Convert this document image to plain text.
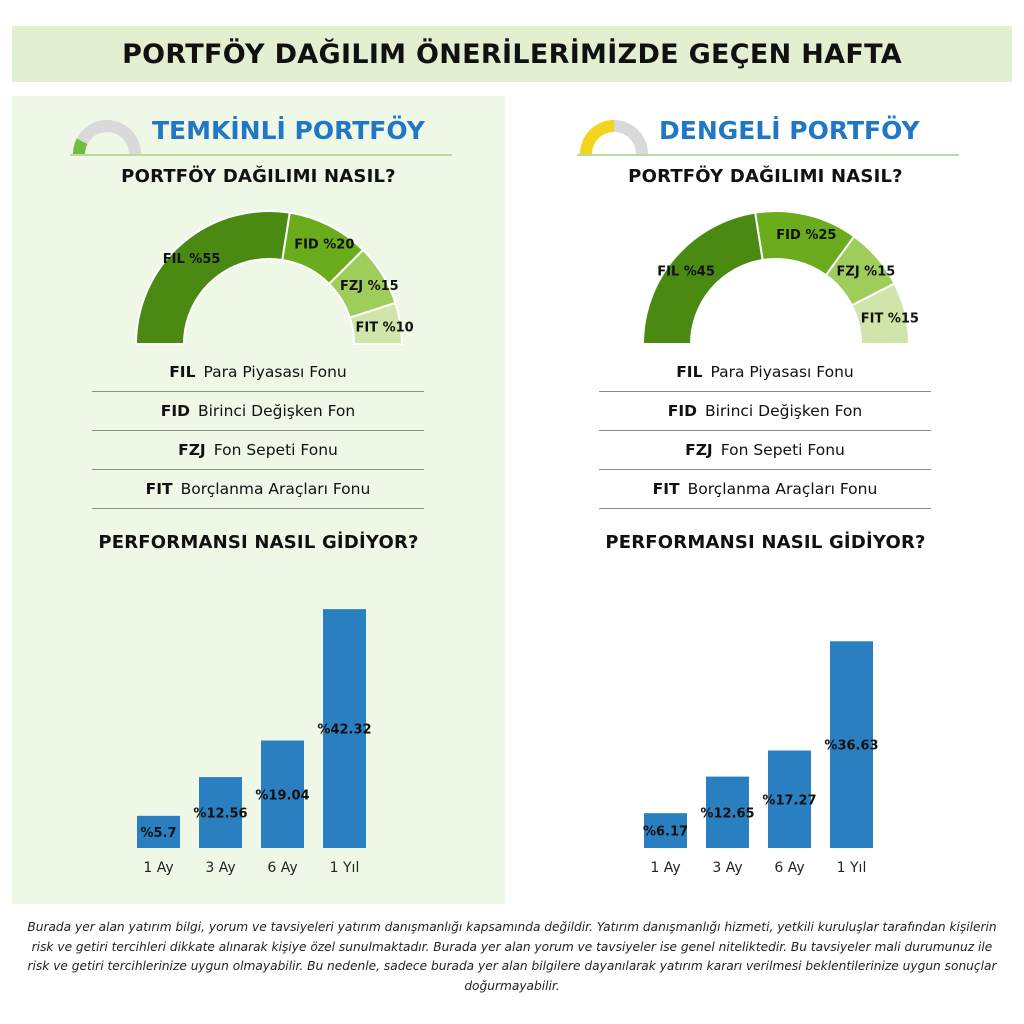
PORTFÖY DAĞILIM ÖNERİLERİMİZDE GEÇEN HAFTA
TEMKİNLİ PORTFÖY
PORTFÖY DAĞILIMI NASIL?
FIL %55
FID %20
FZJ %15
FIT %10
FIL Para Piyasası Fonu
FID Birinci Değişken Fon
FZJ Fon Sepeti Fonu
FIT Borçlanma Araçları Fonu
PERFORMANSI NASIL GİDİYOR?
%5.7
1 Ay
%12.56
3 Ay
%19.04
6 Ay
%42.32
1 Yıl
DENGELİ PORTFÖY
PORTFÖY DAĞILIMI NASIL?
FIL %45
FID %25
FZJ %15
FIT %15
FIL Para Piyasası Fonu
FID Birinci Değişken Fon
FZJ Fon Sepeti Fonu
FIT Borçlanma Araçları Fonu
PERFORMANSI NASIL GİDİYOR?
%6.17
1 Ay
%12.65
3 Ay
%17.27
6 Ay
%36.63
1 Yıl
Burada yer alan yatırım bilgi, yorum ve tavsiyeleri yatırım danışmanlığı kapsamında değildir. Yatırım danışmanlığı hizmeti, yetkili kuruluşlar tarafından kişilerin risk ve getiri tercihleri dikkate alınarak kişiye özel sunulmaktadır. Burada yer alan yorum ve tavsiyeler ise genel niteliktedir. Bu tavsiyeler mali durumunuz ile risk ve getiri tercihlerinize uygun olmayabilir. Bu nedenle, sadece burada yer alan bilgilere dayanılarak yatırım kararı verilmesi beklentilerinize uygun sonuçlar doğurmayabilir.
